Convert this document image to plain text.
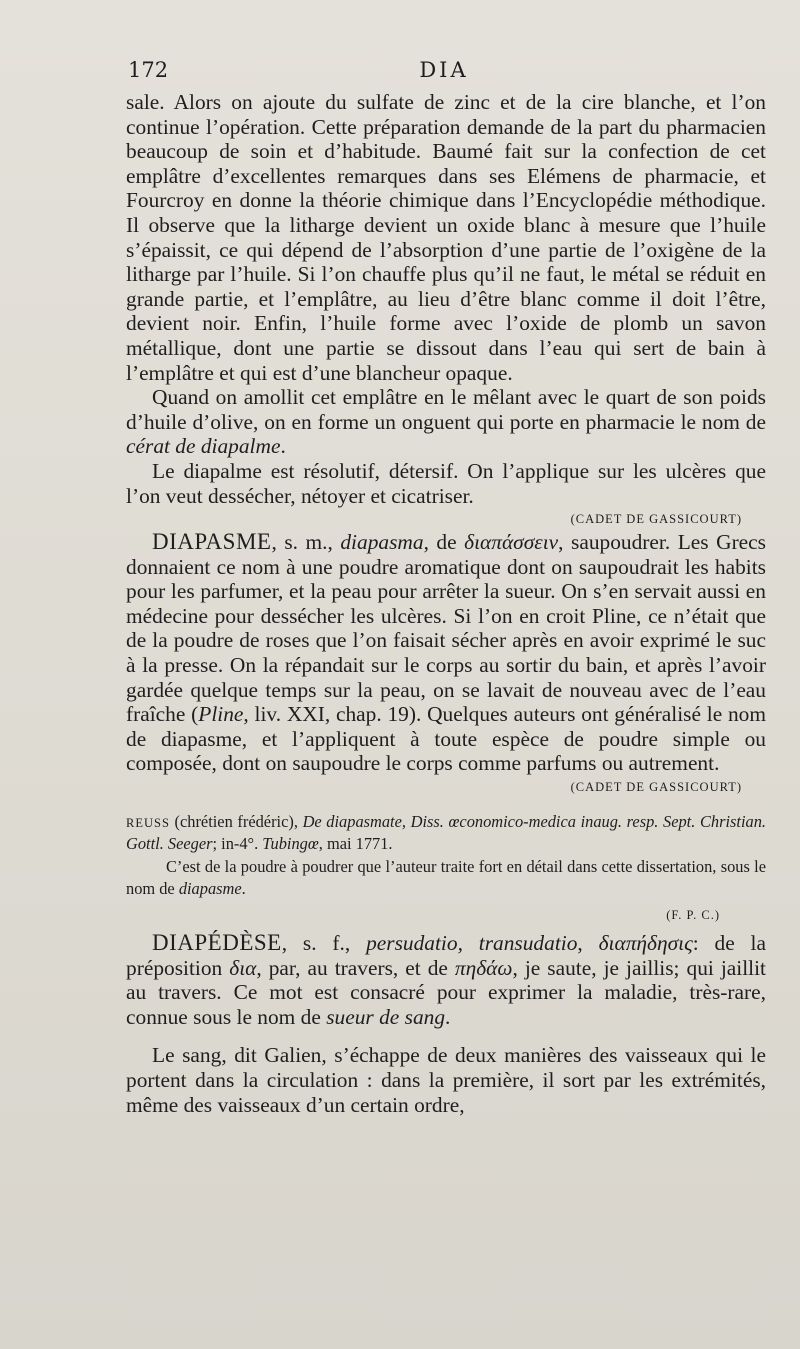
172	DIA

sale. Alors on ajoute du sulfate de zinc et de la cire blanche, et l’on continue l’opération. Cette préparation demande de la part du pharmacien beaucoup de soin et d’habitude. Baumé fait sur la confection de cet emplâtre d’excellentes remarques dans ses Elémens de pharmacie, et Fourcroy en donne la théorie chimique dans l’Encyclopédie méthodique. Il observe que la litharge devient un oxide blanc à mesure que l’huile s’épaissit, ce qui dépend de l’absorption d’une partie de l’oxigène de la litharge par l’huile. Si l’on chauffe plus qu’il ne faut, le métal se réduit en grande partie, et l’emplâtre, au lieu d’être blanc comme il doit l’être, devient noir. Enfin, l’huile forme avec l’oxide de plomb un savon métallique, dont une partie se dissout dans l’eau qui sert de bain à l’emplâtre et qui est d’une blancheur opaque.

Quand on amollit cet emplâtre en le mêlant avec le quart de son poids d’huile d’olive, on en forme un onguent qui porte en pharmacie le nom de cérat de diapalme.

Le diapalme est résolutif, détersif. On l’applique sur les ulcères que l’on veut dessécher, nétoyer et cicatriser.

(CADET DE GASSICOURT)

DIAPASME, s. m., diapasma, de διαπάσσειν, saupoudrer. Les Grecs donnaient ce nom à une poudre aromatique dont on saupoudrait les habits pour les parfumer, et la peau pour arrêter la sueur. On s’en servait aussi en médecine pour dessécher les ulcères. Si l’on en croit Pline, ce n’était que de la poudre de roses que l’on faisait sécher après en avoir exprimé le suc à la presse. On la répandait sur le corps au sortir du bain, et après l’avoir gardée quelque temps sur la peau, on se lavait de nouveau avec de l’eau fraîche (Pline, liv. XXI, chap. 19). Quelques auteurs ont généralisé le nom de diapasme, et l’appliquent à toute espèce de poudre simple ou composée, dont on saupoudre le corps comme parfums ou autrement.

(CADET DE GASSICOURT)

REUSS (chrétien frédéric), De diapasmate, Diss. œconomico-medica inaug. resp. Sept. Christian. Gottl. Seeger; in-4°. Tubingœ, mai 1771.

C’est de la poudre à poudrer que l’auteur traite fort en détail dans cette dissertation, sous le nom de diapasme.

(F. P. C.)

DIAPÉDÈSE, s. f., persudatio, transudatio, διαπήδησις: de la préposition δια, par, au travers, et de πηδάω, je saute, je jaillis; qui jaillit au travers. Ce mot est consacré pour exprimer la maladie, très-rare, connue sous le nom de sueur de sang.

Le sang, dit Galien, s’échappe de deux manières des vaisseaux qui le portent dans la circulation : dans la première, il sort par les extrémités, même des vaisseaux d’un certain ordre,
